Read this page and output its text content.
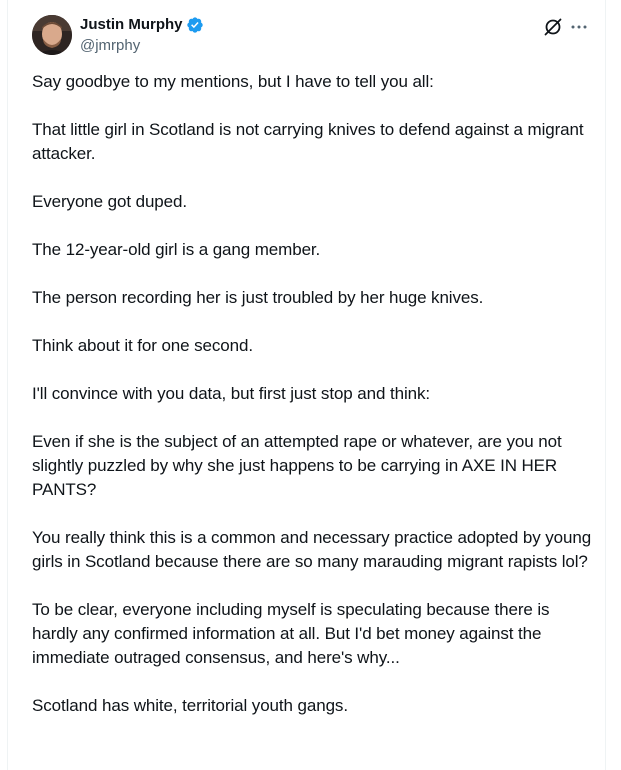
Justin Murphy
@jmrphy

Say goodbye to my mentions, but I have to tell you all:

That little girl in Scotland is not carrying knives to defend against a migrant attacker.

Everyone got duped.

The 12-year-old girl is a gang member.

The person recording her is just troubled by her huge knives.

Think about it for one second.

I'll convince with you data, but first just stop and think:

Even if she is the subject of an attempted rape or whatever, are you not slightly puzzled by why she just happens to be carrying in AXE IN HER PANTS?

You really think this is a common and necessary practice adopted by young girls in Scotland because there are so many marauding migrant rapists lol?

To be clear, everyone including myself is speculating because there is hardly any confirmed information at all. But I'd bet money against the immediate outraged consensus, and here's why...

Scotland has white, territorial youth gangs.
